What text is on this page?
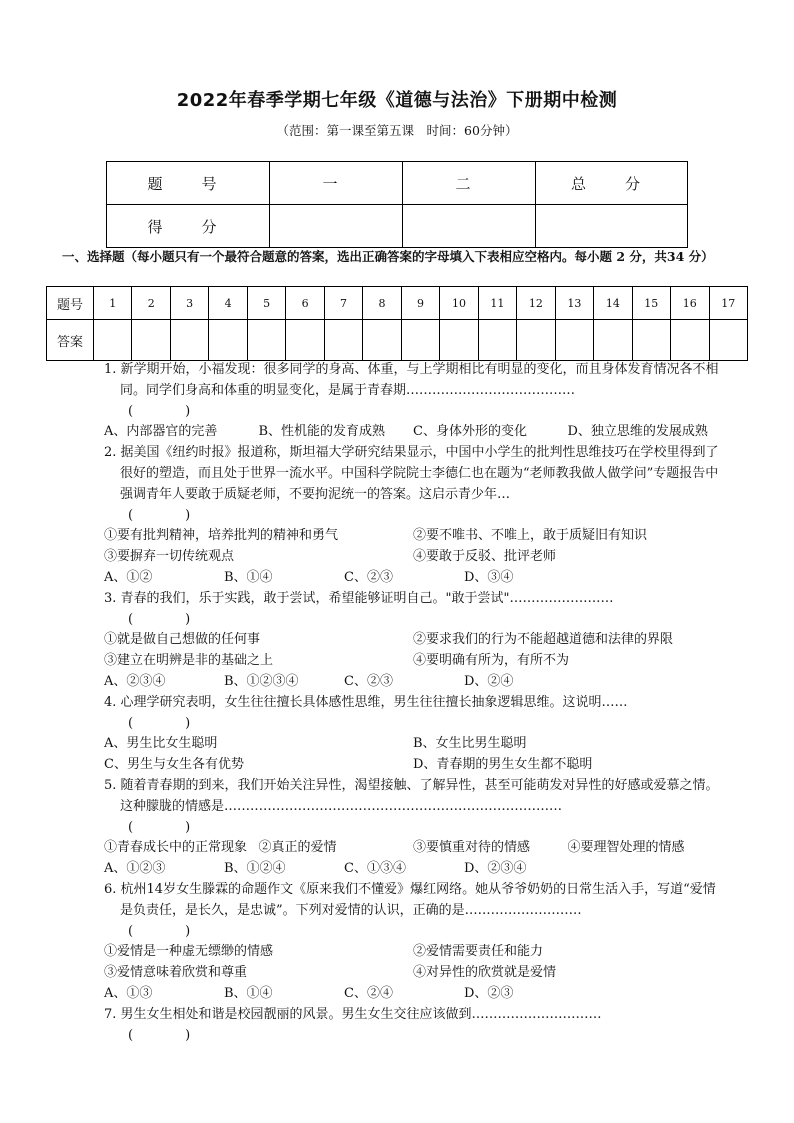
2022年春季学期七年级《道德与法治》下册期中检测
（范围：第一课至第五课　时间：60分钟）
题　号	一	二	总　分
得　分			
一、选择题（每小题只有一个最符合题意的答案，选出正确答案的字母填入下表相应空格内。每小题 2 分，共34 分）
题号	1	2	3	4	5	6	7	8	9	10	11	12	13	14	15	16	17
答案																	
1. 新学期开始，小福发现：很多同学的身高、体重，与上学期相比有明显的变化，而且身体发育情况各不相同。同学们身高和体重的明显变化，是属于青春期…………………………………
(　　　　)
A、内部器官的完善	B、性机能的发育成熟	C、身体外形的变化	D、独立思维的发展成熟
2. 据美国《纽约时报》报道称，斯坦福大学研究结果显示，中国中小学生的批判性思维技巧在学校里得到了很好的塑造，而且处于世界一流水平。中国科学院院士李德仁也在题为“老师教我做人做学问”专题报告中强调青年人要敢于质疑老师，不要拘泥统一的答案。这启示青少年…
(　　　　)
①要有批判精神，培养批判的精神和勇气	②要不唯书、不唯上，敢于质疑旧有知识
③要摒弃一切传统观点	④要敢于反驳、批评老师
A、①②	B、①④	C、②③	D、③④
3. 青春的我们，乐于实践，敢于尝试，希望能够证明自己。"敢于尝试"……………………
(　　　　)
①就是做自己想做的任何事	②要求我们的行为不能超越道德和法律的界限
③建立在明辨是非的基础之上	④要明确有所为，有所不为
A、②③④	B、①②③④	C、②③	D、②④
4. 心理学研究表明，女生往往擅长具体感性思维，男生往往擅长抽象逻辑思维。这说明……
(　　　　)
A、男生比女生聪明	B、女生比男生聪明
C、男生与女生各有优势	D、青春期的男生女生都不聪明
5. 随着青春期的到来，我们开始关注异性，渴望接触、了解异性，甚至可能萌发对异性的好感或爱慕之情。这种朦胧的情感是……………………………………………………………………
(　　　　)
①青春成长中的正常现象 ②真正的爱情	③要慎重对待的情感	④要理智处理的情感
A、①②③	B、①②④	C、①③④	D、②③④
6. 杭州14岁女生滕霖的命题作文《原来我们不懂爱》爆红网络。她从爷爷奶奶的日常生活入手，写道“爱情是负责任，是长久，是忠诚”。下列对爱情的认识，正确的是………………………
(　　　　)
①爱情是一种虚无缥缈的情感	②爱情需要责任和能力
③爱情意味着欣赏和尊重	④对异性的欣赏就是爱情
A、①③	B、①④	C、②④	D、②③
7. 男生女生相处和谐是校园靓丽的风景。男生女生交往应该做到…………………………
(　　　　)
